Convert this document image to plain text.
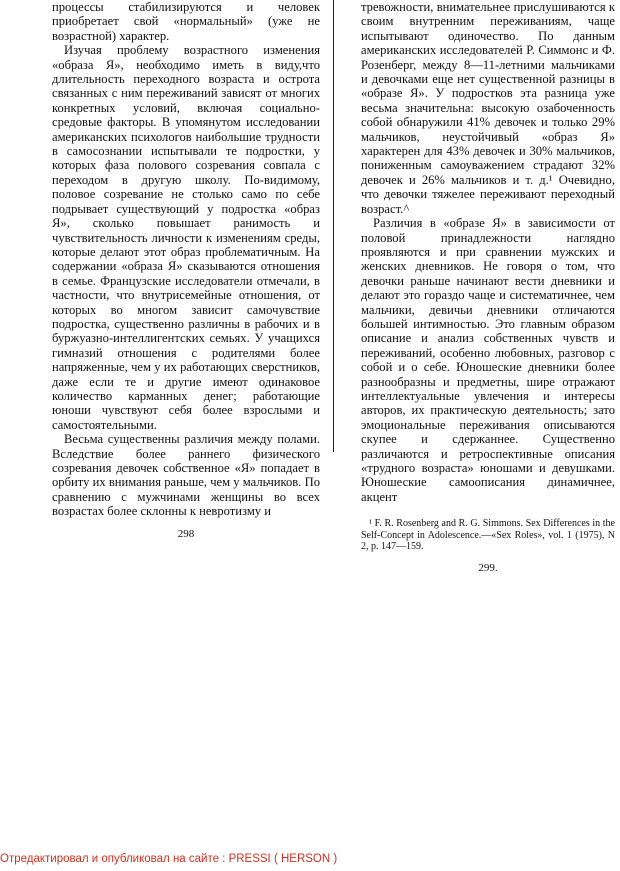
процессы стабилизируются и человек приобретает свой «нормальный» (уже не возрастной) характер.

Изучая проблему возрастного изменения «образа Я», необходимо иметь в виду,что длительность переходного возраста и острота связанных с ним переживаний зависят от многих конкретных условий, включая социально-средовые факторы. В упомянутом исследовании американских психологов наибольшие трудности в самосознании испытывали те подростки, у которых фаза полового созревания совпала с переходом в другую школу. По-видимому, половое созревание не столько само по себе подрывает существующий у подростка «образ Я», сколько повышает ранимость и чувствительность личности к изменениям среды, которые делают этот образ проблематичным. На содержании «образа Я» сказываются отношения в семье. Французские исследователи отмечали, в частности, что внутрисемейные отношения, от которых во многом зависит самочувствие подростка, существенно различны в рабочих и в буржуазно-интеллигентских семьях. У учащихся гимназий отношения с родителями более напряженные, чем у их работающих сверстников, даже если те и другие имеют одинаковое количество карманных денег; работающие юноши чувствуют себя более взрослыми и самостоятельными.

Весьма существенны различия между полами. Вследствие более раннего физического созревания девочек собственное «Я» попадает в орбиту их внимания раньше, чем у мальчиков. По сравнению с мужчинами женщины во всех возрастах более склонны к невротизму и

298

тревожности, внимательнее прислушиваются к своим внутренним переживаниям, чаще испытывают одиночество. По данным американских исследователей Р. Симмонс и Ф. Розенберг, между 8—11-летними мальчиками и девочками еще нет существенной разницы в «образе Я». У подростков эта разница уже весьма значительна: высокую озабоченность собой обнаружили 41% девочек и только 29% мальчиков, неустойчивый «образ Я» характерен для 43% девочек и 30% мальчиков, пониженным самоуважением страдают 32% девочек и 26% мальчиков и т. д.¹ Очевидно, что девочки тяжелее переживают переходный возраст.^

Различия в «образе Я» в зависимости от половой принадлежности наглядно проявляются и при сравнении мужских и женских дневников. Не говоря о том, что девочки раньше начинают вести дневники и делают это гораздо чаще и систематичнее, чем мальчики, девичьи дневники отличаются большей интимностью. Это главным образом описание и анализ собственных чувств и переживаний, особенно любовных, разговор с собой и о себе. Юношеские дневники более разнообразны и предметны, шире отражают интеллектуальные увлечения и интересы авторов, их практическую деятельность; зато эмоциональные переживания описываются скупее и сдержаннее. Существенно различаются и ретроспективные описания «трудного возраста» юношами и девушками. Юношеские самоописания динамичнее, акцент

¹ F. R. Rosenberg and R. G. Simmons. Sex Differences in the Self-Concept in Adolescence.—«Sex Roles», vol. 1 (1975), N 2, p. 147—159.

299.
Отредактировал и опубликовал на сайте : PRESSI ( HERSON )
